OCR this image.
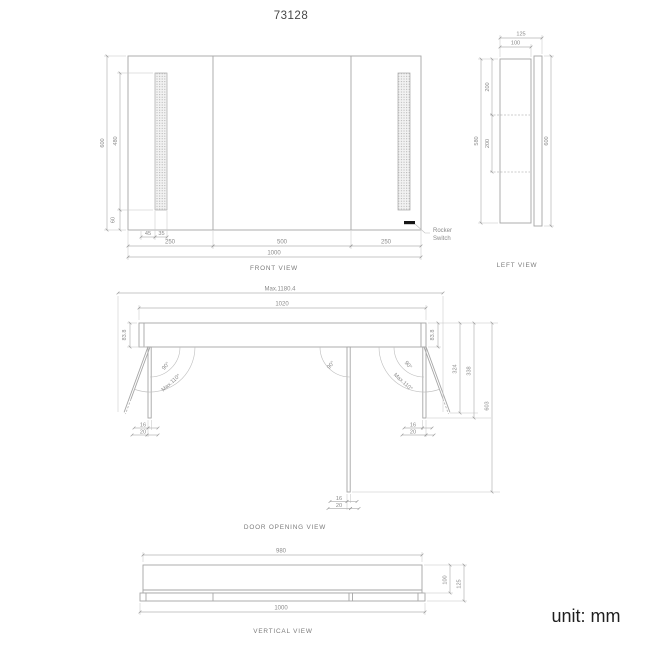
73128
Rocker
Switch
600 480
60
45 35
250	500	250
1000
FRONT VIEW
125
100
580
200
200	600
LEFT VIEW
90°
Max.110°
90°	90°
Max.110°
Max.1180.4
1020
83.8	83.8
324 338
603
16
20
16
20
16
20
DOOR OPENING VIEW
980
1000
100 125
VERTICAL VIEW
unit: mm
